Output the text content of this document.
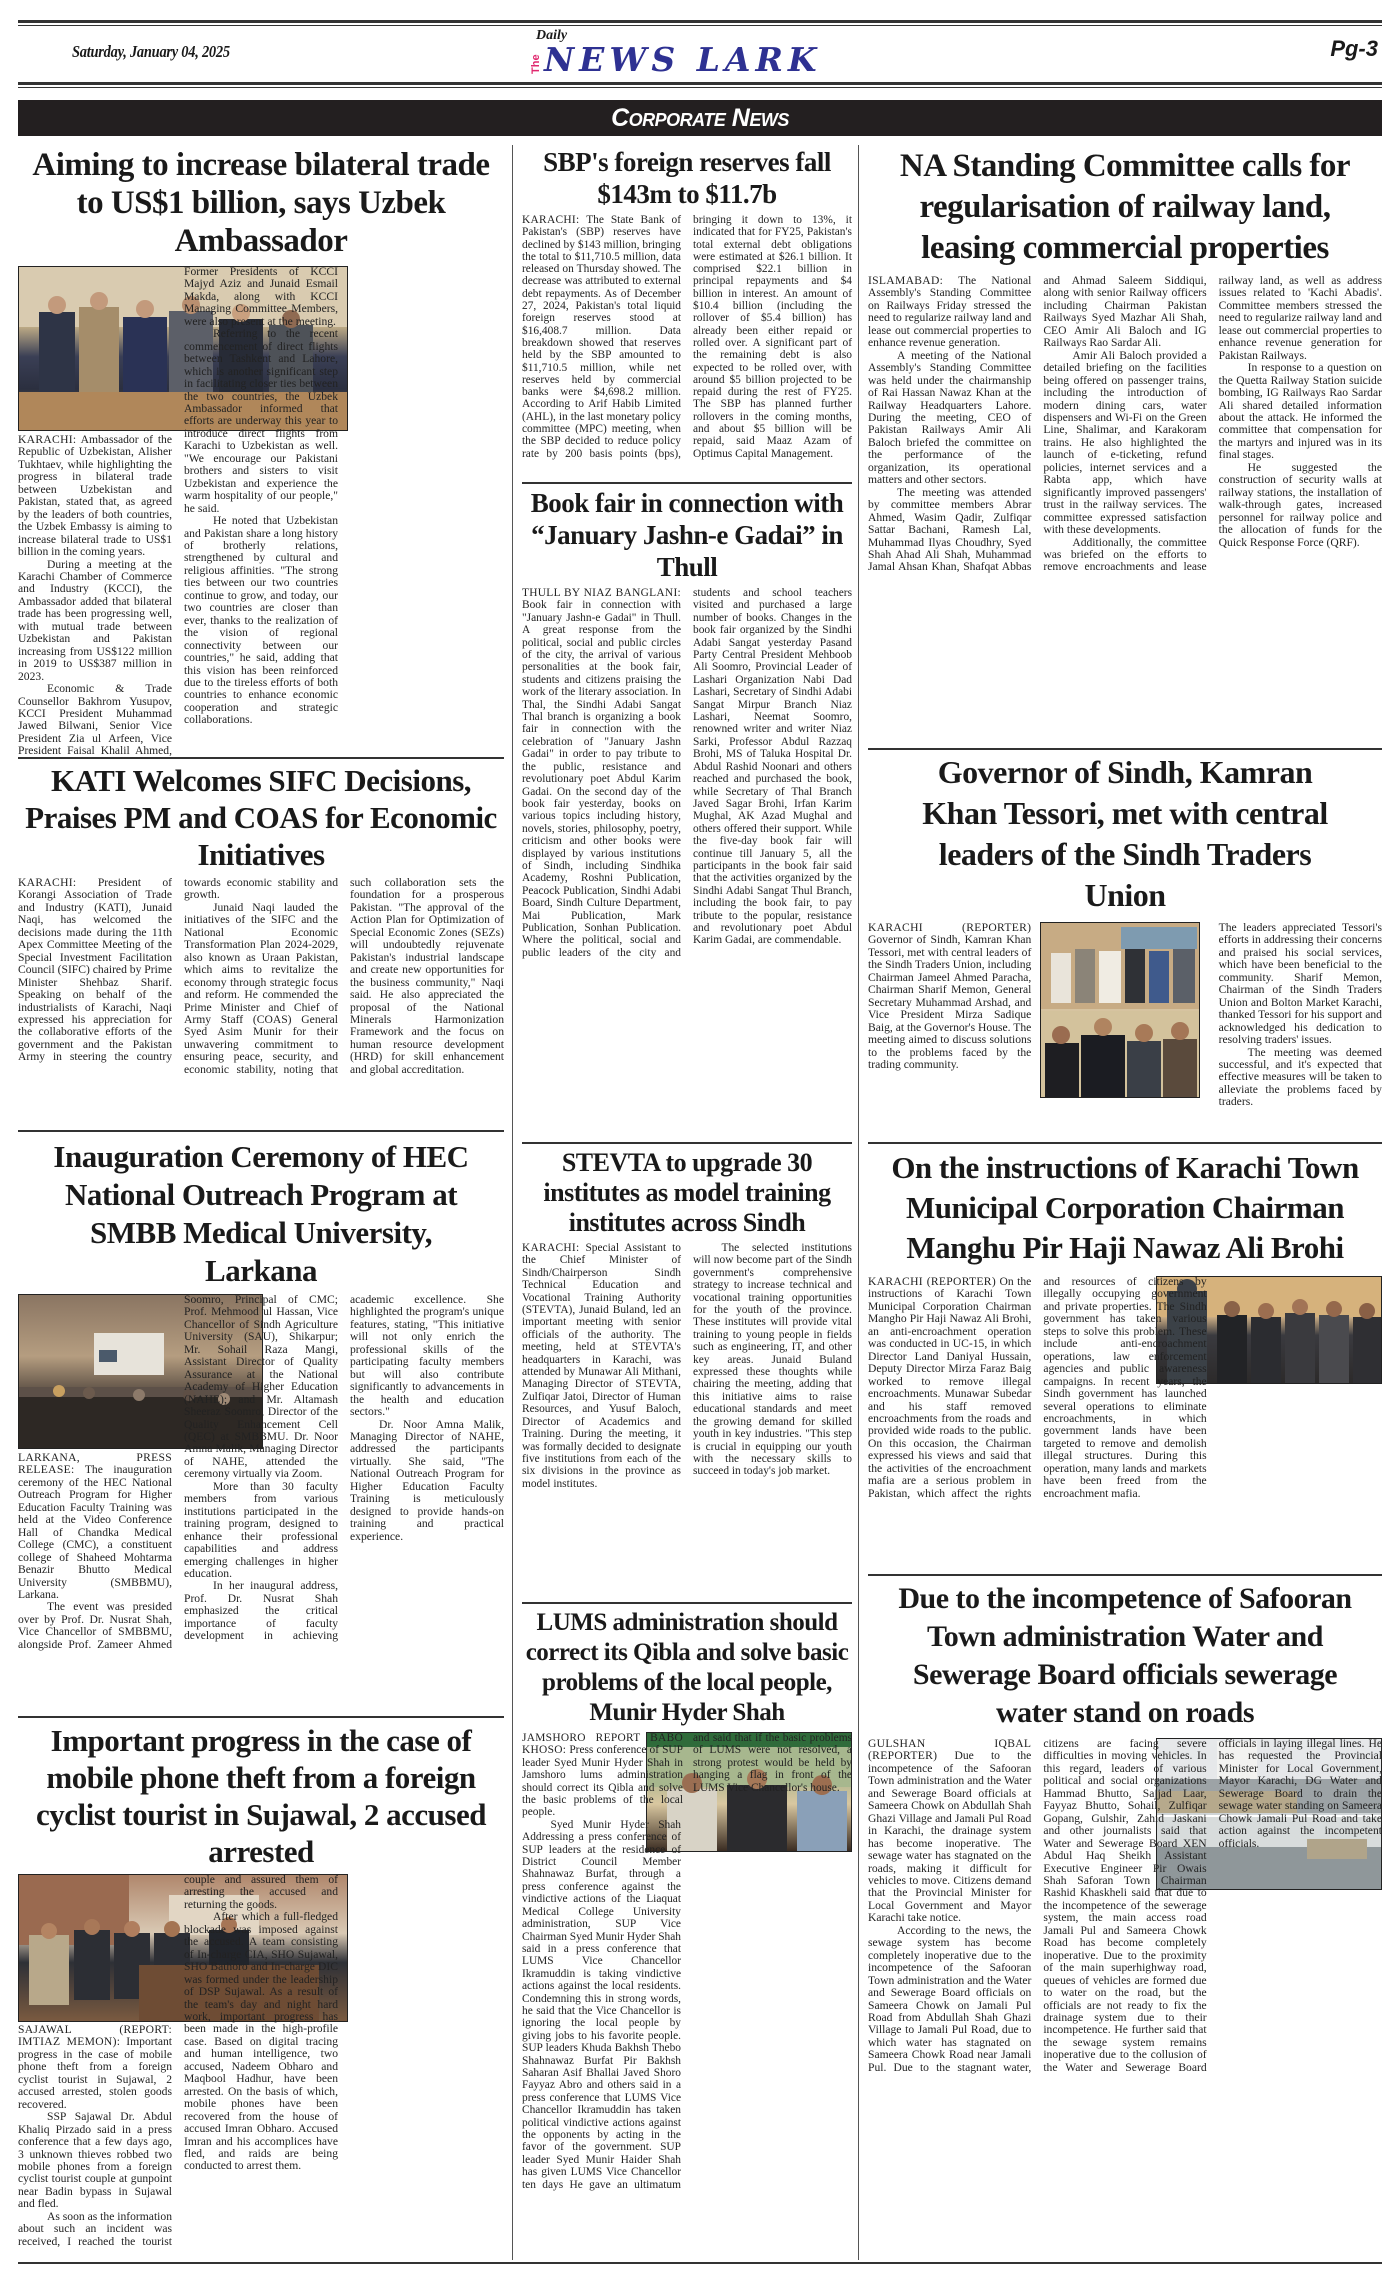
Saturday, January 04, 2025
Daily
The NEWS LARK	Pg-3
Corporate News
Aiming to increase bilateral trade to US$1 billion, says Uzbek Ambassador

KARACHI: Ambassador of the Republic of Uzbekistan, Alisher Tukhtaev, while highlighting the progress in bilateral trade between Uzbekistan and Pakistan, stated that, as agreed by the leaders of both countries, the Uzbek Embassy is aiming to increase bilateral trade to US$1 billion in the coming years.

During a meeting at the Karachi Chamber of Commerce and Industry (KCCI), the Ambassador added that bilateral trade has been progressing well, with mutual trade between Uzbekistan and Pakistan increasing from US$122 million in 2019 to US$387 million in 2023.

Economic & Trade Counsellor Bakhrom Yusupov, KCCI President Muhammad Jawed Bilwani, Senior Vice President Zia ul Arfeen, Vice President Faisal Khalil Ahmed, Former Presidents of KCCI Majyd Aziz and Junaid Esmail Makda, along with KCCI Managing Committee Members, were also present at the meeting.

Referring to the recent commencement of direct flights between Tashkent and Lahore, which is another significant step in facilitating closer ties between the two countries, the Uzbek Ambassador informed that efforts are underway this year to introduce direct flights from Karachi to Uzbekistan as well. "We encourage our Pakistani brothers and sisters to visit Uzbekistan and experience the warm hospitality of our people," he said.

He noted that Uzbekistan and Pakistan share a long history of brotherly relations, strengthened by cultural and religious affinities. "The strong ties between our two countries continue to grow, and today, our two countries are closer than ever, thanks to the realization of the vision of regional connectivity between our countries," he said, adding that this vision has been reinforced due to the tireless efforts of both countries to enhance economic cooperation and strategic collaborations.

KATI Welcomes SIFC Decisions, Praises PM and COAS for Economic Initiatives

KARACHI: President of Korangi Association of Trade and Industry (KATI), Junaid Naqi, has welcomed the decisions made during the 11th Apex Committee Meeting of the Special Investment Facilitation Council (SIFC) chaired by Prime Minister Shehbaz Sharif. Speaking on behalf of the industrialists of Karachi, Naqi expressed his appreciation for the collaborative efforts of the government and the Pakistan Army in steering the country towards economic stability and growth.

Junaid Naqi lauded the initiatives of the SIFC and the National Economic Transformation Plan 2024-2029, also known as Uraan Pakistan, which aims to revitalize the economy through strategic focus and reform. He commended the Prime Minister and Chief of Army Staff (COAS) General Syed Asim Munir for their unwavering commitment to ensuring peace, security, and economic stability, noting that such collaboration sets the foundation for a prosperous Pakistan. "The approval of the Action Plan for Optimization of Special Economic Zones (SEZs) will undoubtedly rejuvenate Pakistan's industrial landscape and create new opportunities for the business community," Naqi said. He also appreciated the proposal of the National Minerals Harmonization Framework and the focus on human resource development (HRD) for skill enhancement and global accreditation.

Inauguration Ceremony of HEC National Outreach Program at SMBB Medical University, Larkana

LARKANA, PRESS RELEASE: The inauguration ceremony of the HEC National Outreach Program for Higher Education Faculty Training was held at the Video Conference Hall of Chandka Medical College (CMC), a constituent college of Shaheed Mohtarma Benazir Bhutto Medical University (SMBBMU), Larkana.

The event was presided over by Prof. Dr. Nusrat Shah, Vice Chancellor of SMBBMU, alongside Prof. Zameer Ahmed Soomro, Principal of CMC; Prof. Mehmood ul Hassan, Vice Chancellor of Sindh Agriculture University (SAU), Shikarpur; Mr. Sohail Raza Mangi, Assistant Director of Quality Assurance at the National Academy of Higher Education (NAHE); and Mr. Altamash Sheeraz Soomro, Director of the Quality Enhancement Cell (QEC) at SMBBMU. Dr. Noor Amna Malik, Managing Director of NAHE, attended the ceremony virtually via Zoom.

More than 30 faculty members from various institutions participated in the training program, designed to enhance their professional capabilities and address emerging challenges in higher education.

In her inaugural address, Prof. Dr. Nusrat Shah emphasized the critical importance of faculty development in achieving academic excellence. She highlighted the program's unique features, stating, "This initiative will not only enrich the professional skills of the participating faculty members but will also contribute significantly to advancements in the health and education sectors."

Dr. Noor Amna Malik, Managing Director of NAHE, addressed the participants virtually. She said, "The National Outreach Program for Higher Education Faculty Training is meticulously designed to provide hands-on training and practical experience.

Important progress in the case of mobile phone theft from a foreign cyclist tourist in Sujawal, 2 accused arrested

SAJAWAL (REPORT: IMTIAZ MEMON): Important progress in the case of mobile phone theft from a foreign cyclist tourist in Sujawal, 2 accused arrested, stolen goods recovered.

SSP Sajawal Dr. Abdul Khaliq Pirzado said in a press conference that a few days ago, 3 unknown thieves robbed two mobile phones from a foreign cyclist tourist couple at gunpoint near Badin bypass in Sujawal and fled.

As soon as the information about such an incident was received, I reached the tourist couple and assured them of arresting the accused and returning the goods.

After which a full-fledged blockade was imposed against the accused. A team consisting of In-charge CIA, SHO Sujawal, SHO Bathoro and In-charge DIC was formed under the leadership of DSP Sujawal. As a result of the team's day and night hard work, important progress has been made in the high-profile case. Based on digital tracing and human intelligence, two accused, Nadeem Obharo and Maqbool Hadhur, have been arrested. On the basis of which, mobile phones have been recovered from the house of accused Imran Obharo. Accused Imran and his accomplices have fled, and raids are being conducted to arrest them.

SBP's foreign reserves fall $143m to $11.7b

KARACHI: The State Bank of Pakistan's (SBP) reserves have declined by $143 million, bringing the total to $11,710.5 million, data released on Thursday showed. The decrease was attributed to external debt repayments. As of December 27, 2024, Pakistan's total liquid foreign reserves stood at $16,408.7 million. Data breakdown showed that reserves held by the SBP amounted to $11,710.5 million, while net reserves held by commercial banks were $4,698.2 million. According to Arif Habib Limited (AHL), in the last monetary policy committee (MPC) meeting, when the SBP decided to reduce policy rate by 200 basis points (bps), bringing it down to 13%, it indicated that for FY25, Pakistan's total external debt obligations were estimated at $26.1 billion. It comprised $22.1 billion in principal repayments and $4 billion in interest. An amount of $10.4 billion (including the rollover of $5.4 billion) has already been either repaid or rolled over. A significant part of the remaining debt is also expected to be rolled over, with around $5 billion projected to be repaid during the rest of FY25. The SBP has planned further rollovers in the coming months, and about $5 billion will be repaid, said Maaz Azam of Optimus Capital Management.

Book fair in connection with “January Jashn-e Gadai” in Thull

THULL BY NIAZ BANGLANI: Book fair in connection with "January Jashn-e Gadai" in Thull. A great response from the political, social and public circles of the city, the arrival of various personalities at the book fair, students and citizens praising the work of the literary association. In Thal, the Sindhi Adabi Sangat Thal branch is organizing a book fair in connection with the celebration of "January Jashn Gadai" in order to pay tribute to the public, resistance and revolutionary poet Abdul Karim Gadai. On the second day of the book fair yesterday, books on various topics including history, novels, stories, philosophy, poetry, criticism and other books were displayed by various institutions of Sindh, including Sindhika Academy, Roshni Publication, Peacock Publication, Sindhi Adabi Board, Sindh Culture Department, Mai Publication, Mark Publication, Sonhan Publication. Where the political, social and public leaders of the city and students and school teachers visited and purchased a large number of books. Changes in the book fair organized by the Sindhi Adabi Sangat yesterday Pasand Party Central President Mehboob Ali Soomro, Provincial Leader of Lashari Organization Nabi Dad Lashari, Secretary of Sindhi Adabi Sangat Mirpur Branch Niaz Lashari, Neemat Soomro, renowned writer and writer Niaz Sarki, Professor Abdul Razzaq Brohi, MS of Taluka Hospital Dr. Abdul Rashid Noonari and others reached and purchased the book, while Secretary of Thal Branch Javed Sagar Brohi, Irfan Karim Mughal, AK Azad Mughal and others offered their support. While the five-day book fair will continue till January 5, all the participants in the book fair said that the activities organized by the Sindhi Adabi Sangat Thul Branch, including the book fair, to pay tribute to the popular, resistance and revolutionary poet Abdul Karim Gadai, are commendable.

STEVTA to upgrade 30 institutes as model training institutes across Sindh

KARACHI: Special Assistant to the Chief Minister of Sindh/Chairperson Sindh Technical Education and Vocational Training Authority (STEVTA), Junaid Buland, led an important meeting with senior officials of the authority. The meeting, held at STEVTA's headquarters in Karachi, was attended by Munawar Ali Mithani, Managing Director of STEVTA, Zulfiqar Jatoi, Director of Human Resources, and Yusuf Baloch, Director of Academics and Training. During the meeting, it was formally decided to designate five institutions from each of the six divisions in the province as model institutes.

The selected institutions will now become part of the Sindh government's comprehensive strategy to increase technical and vocational training opportunities for the youth of the province. These institutes will provide vital training to young people in fields such as engineering, IT, and other key areas. Junaid Buland expressed these thoughts while chairing the meeting, adding that this initiative aims to raise educational standards and meet the growing demand for skilled youth in key industries. "This step is crucial in equipping our youth with the necessary skills to succeed in today's job market.

LUMS administration should correct its Qibla and solve basic problems of the local people, Munir Hyder Shah

JAMSHORO REPORT BABO KHOSO: Press conference of SUP leader Syed Munir Hyder Shah in Jamshoro lums administration should correct its Qibla and solve the basic problems of the local people.

Syed Munir Hyder Shah Addressing a press conference of SUP leaders at the residence of District Council Member Shahnawaz Burfat, through a press conference against the vindictive actions of the Liaquat Medical College University administration, SUP Vice Chairman Syed Munir Hyder Shah said in a press conference that LUMS Vice Chancellor Ikramuddin is taking vindictive actions against the local residents. Condemning this in strong words, he said that the Vice Chancellor is ignoring the local people by giving jobs to his favorite people. SUP leaders Khuda Bakhsh Thebo Shahnawaz Burfat Pir Bakhsh Saharan Asif Bhallai Javed Shoro Fayyaz Abro and others said in a press conference that LUMS Vice Chancellor Ikramuddin has taken political vindictive actions against the opponents by acting in the favor of the government. SUP leader Syed Munir Haider Shah has given LUMS Vice Chancellor ten days He gave an ultimatum and said that if the basic problems of LUMS were not resolved, a strong protest would be held by hanging a flag in front of the LUMS Vice Chancellor's house.

NA Standing Committee calls for regularisation of railway land, leasing commercial properties

ISLAMABAD: The National Assembly's Standing Committee on Railways Friday stressed the need to regularize railway land and lease out commercial properties to enhance revenue generation.

A meeting of the National Assembly's Standing Committee was held under the chairmanship of Rai Hassan Nawaz Khan at the Railway Headquarters Lahore. During the meeting, CEO of Pakistan Railways Amir Ali Baloch briefed the committee on the performance of the organization, its operational matters and other sectors.

The meeting was attended by committee members Abrar Ahmed, Wasim Qadir, Zulfiqar Sattar Bachani, Ramesh Lal, Muhammad Ilyas Choudhry, Syed Shah Ahad Ali Shah, Muhammad Jamal Ahsan Khan, Shafqat Abbas and Ahmad Saleem Siddiqui, along with senior Railway officers including Chairman Pakistan Railways Syed Mazhar Ali Shah, CEO Amir Ali Baloch and IG Railways Rao Sardar Ali.

Amir Ali Baloch provided a detailed briefing on the facilities being offered on passenger trains, including the introduction of modern dining cars, water dispensers and Wi-Fi on the Green Line, Shalimar, and Karakoram trains. He also highlighted the launch of e-ticketing, refund policies, internet services and a Rabta app, which have significantly improved passengers' trust in the railway services. The committee expressed satisfaction with these developments.

Additionally, the committee was briefed on the efforts to remove encroachments and lease railway land, as well as address issues related to 'Kachi Abadis'. Committee members stressed the need to regularize railway land and lease out commercial properties to enhance revenue generation for Pakistan Railways.

In response to a question on the Quetta Railway Station suicide bombing, IG Railways Rao Sardar Ali shared detailed information about the attack. He informed the committee that compensation for the martyrs and injured was in its final stages.

He suggested the construction of security walls at railway stations, the installation of walk-through gates, increased personnel for railway police and the allocation of funds for the Quick Response Force (QRF).

Governor of Sindh, Kamran Khan Tessori, met with central leaders of the Sindh Traders Union

KARACHI (REPORTER) Governor of Sindh, Kamran Khan Tessori, met with central leaders of the Sindh Traders Union, including Chairman Jameel Ahmed Paracha, Chairman Sharif Memon, General Secretary Muhammad Arshad, and Vice President Mirza Sadique Baig, at the Governor's House. The meeting aimed to discuss solutions to the problems faced by the trading community.

The leaders appreciated Tessori's efforts in addressing their concerns and praised his social services, which have been beneficial to the community. Sharif Memon, Chairman of the Sindh Traders Union and Bolton Market Karachi, thanked Tessori for his support and acknowledged his dedication to resolving traders' issues.

The meeting was deemed successful, and it's expected that effective measures will be taken to alleviate the problems faced by traders.

On the instructions of Karachi Town Municipal Corporation Chairman Manghu Pir Haji Nawaz Ali Brohi

KARACHI (REPORTER) On the instructions of Karachi Town Municipal Corporation Chairman Mangho Pir Haji Nawaz Ali Brohi, an anti-encroachment operation was conducted in UC-15, in which Director Land Daniyal Hussain, Deputy Director Mirza Faraz Baig worked to remove illegal encroachments. Munawar Subedar and his staff removed encroachments from the roads and provided wide roads to the public. On this occasion, the Chairman expressed his views and said that the activities of the encroachment mafia are a serious problem in Pakistan, which affect the rights and resources of citizens by illegally occupying government and private properties. The Sindh government has taken various steps to solve this problem. These include anti-encroachment operations, law enforcement agencies and public awareness campaigns. In recent years, the Sindh government has launched several operations to eliminate encroachments, in which government lands have been targeted to remove and demolish illegal structures. During this operation, many lands and markets have been freed from the encroachment mafia.

Due to the incompetence of Safooran Town administration Water and Sewerage Board officials sewerage water stand on roads

GULSHAN IQBAL (REPORTER) Due to the incompetence of the Safooran Town administration and the Water and Sewerage Board officials at Sameera Chowk on Abdullah Shah Ghazi Village and Jamali Pul Road in Karachi, the drainage system has become inoperative. The sewage water has stagnated on the roads, making it difficult for vehicles to move. Citizens demand that the Provincial Minister for Local Government and Mayor Karachi take notice.

According to the news, the sewage system has become completely inoperative due to the incompetence of the Safooran Town administration and the Water and Sewerage Board officials on Sameera Chowk on Jamali Pul Road from Abdullah Shah Ghazi Village to Jamali Pul Road, due to which water has stagnated on Sameera Chowk Road near Jamali Pul. Due to the stagnant water, citizens are facing severe difficulties in moving vehicles. In this regard, leaders of various political and social organizations Hammad Bhutto, Sajjad Laar, Fayyaz Bhutto, Sohail, Zulfiqar Gopang, Gulshir, Zahid Jaskani and other journalists said that Water and Sewerage Board XEN Abdul Haq Sheikh Assistant Executive Engineer Pir Owais Shah Saforan Town Chairman Rashid Khaskheli said that due to the incompetence of the sewerage system, the main access road Jamali Pul and Sameera Chowk Road has become completely inoperative. Due to the proximity of the main superhighway road, queues of vehicles are formed due to water on the road, but the officials are not ready to fix the drainage system due to their incompetence. He further said that the sewage system remains inoperative due to the collusion of the Water and Sewerage Board officials in laying illegal lines. He has requested the Provincial Minister for Local Government, Mayor Karachi, DG Water and Sewerage Board to drain the sewage water standing on Sameera Chowk Jamali Pul Road and take action against the incompetent officials.
